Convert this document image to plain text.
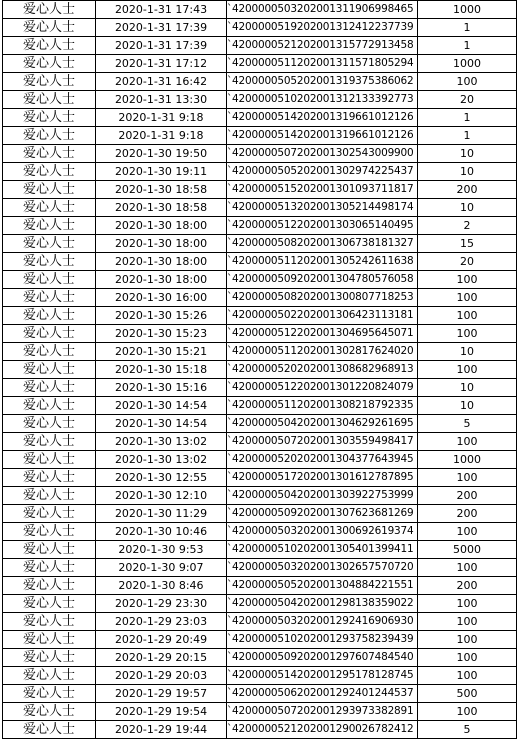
爱心人士	2020-1-31 17:43	`4200000503202001311906998465	1000
爱心人士	2020-1-31 17:39	`4200000519202001312412237739	1
爱心人士	2020-1-31 17:39	`4200000521202001315772913458	1
爱心人士	2020-1-31 17:12	`4200000511202001311571805294	1000
爱心人士	2020-1-31 16:42	`4200000505202001319375386062	100
爱心人士	2020-1-31 13:30	`4200000510202001312133392773	20
爱心人士	2020-1-31 9:18	`4200000514202001319661012126	1
爱心人士	2020-1-31 9:18	`4200000514202001319661012126	1
爱心人士	2020-1-30 19:50	`4200000507202001302543009900	10
爱心人士	2020-1-30 19:11	`4200000505202001302974225437	10
爱心人士	2020-1-30 18:58	`4200000515202001301093711817	200
爱心人士	2020-1-30 18:58	`4200000513202001305214498174	10
爱心人士	2020-1-30 18:00	`4200000512202001303065140495	2
爱心人士	2020-1-30 18:00	`4200000508202001306738181327	15
爱心人士	2020-1-30 18:00	`4200000511202001305242611638	20
爱心人士	2020-1-30 18:00	`4200000509202001304780576058	100
爱心人士	2020-1-30 16:00	`4200000508202001300807718253	100
爱心人士	2020-1-30 15:26	`4200000502202001306423113181	100
爱心人士	2020-1-30 15:23	`4200000512202001304695645071	100
爱心人士	2020-1-30 15:21	`4200000511202001302817624020	10
爱心人士	2020-1-30 15:18	`4200000520202001308682968913	100
爱心人士	2020-1-30 15:16	`4200000512202001301220824079	10
爱心人士	2020-1-30 14:54	`4200000511202001308218792335	10
爱心人士	2020-1-30 14:54	`4200000504202001304629261695	5
爱心人士	2020-1-30 13:02	`4200000507202001303559498417	100
爱心人士	2020-1-30 13:02	`4200000520202001304377643945	1000
爱心人士	2020-1-30 12:55	`4200000517202001301612787895	100
爱心人士	2020-1-30 12:10	`4200000504202001303922753999	200
爱心人士	2020-1-30 11:29	`4200000509202001307623681269	200
爱心人士	2020-1-30 10:46	`4200000503202001300692619374	100
爱心人士	2020-1-30 9:53	`4200000510202001305401399411	5000
爱心人士	2020-1-30 9:07	`4200000503202001302657570720	100
爱心人士	2020-1-30 8:46	`4200000505202001304884221551	200
爱心人士	2020-1-29 23:30	`4200000504202001298138359022	100
爱心人士	2020-1-29 23:03	`4200000503202001292416906930	100
爱心人士	2020-1-29 20:49	`4200000510202001293758239439	100
爱心人士	2020-1-29 20:15	`4200000509202001297607484540	100
爱心人士	2020-1-29 20:03	`4200000514202001295178128745	100
爱心人士	2020-1-29 19:57	`4200000506202001292401244537	500
爱心人士	2020-1-29 19:54	`4200000507202001293973382891	100
爱心人士	2020-1-29 19:44	`4200000521202001290026782412	5
